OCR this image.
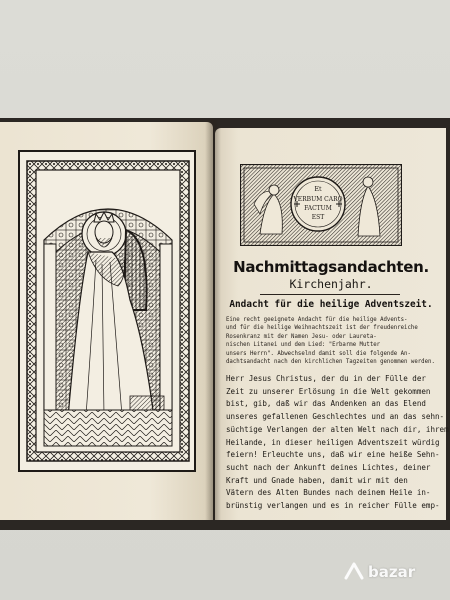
Et
VERBUM CARO
FACTUM
EST
Nachmittagsandachten.
Kirchenjahr.
Andacht für die heilige Adventszeit.
Eine recht geeignete Andacht für die heilige Advents-
und für die heilige Weihnachtszeit ist der freudenreiche
Rosenkranz mit der Namen Jesu- oder Laureta-
nischen Litanei und dem Lied: "Erbarme Mutter
unsers Herrn". Abwechselnd damit soll die folgende An-
dachtsandacht nach den kirchlichen Tagzeiten genommen werden.
Herr Jesus Christus, der du in der Fülle der
Zeit zu unserer Erlösung in die Welt gekommen
bist, gib, daß wir das Andenken an das Elend
unseres gefallenen Geschlechtes und an das sehn-
süchtige Verlangen der alten Welt nach dir, ihrem
Heilande, in dieser heiligen Adventszeit würdig
feiern! Erleuchte uns, daß wir eine heiße Sehn-
sucht nach der Ankunft deines Lichtes, deiner
Kraft und Gnade haben, damit wir mit den
Vätern des Alten Bundes nach deinem Heile in-
brünstig verlangen und es in reicher Fülle emp-
bazar
